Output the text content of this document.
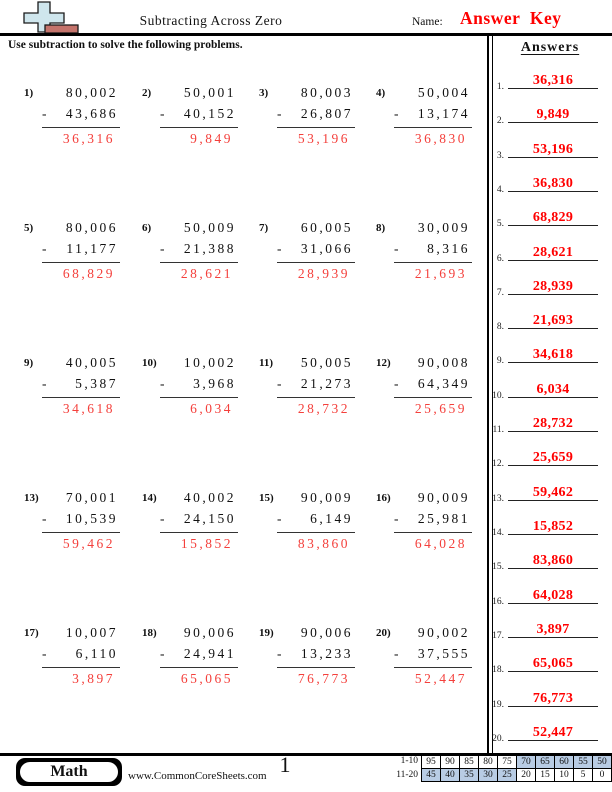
Subtracting Across Zero	Name: Answer Key
Use subtraction to solve the following problems.	Answers
1.	36,316
2.	9,849
3.	53,196
4.	36,830
5.	68,829
6.	28,621
7.	28,939
8.	21,693
9.	34,618
10.	6,034
11.	28,732
12.	25,659
13.	59,462
14.	15,852
15.	83,860
16.	64,028
17.	3,897
18.	65,065
19.	76,773
20.	52,447
1)	80,002
- 43,686
36,316
2)	50,001
- 40,152
9,849
3)	80,003
- 26,807
53,196
4)	50,004
- 13,174
36,830
5)	80,006
- 11,177
68,829
6)	50,009
- 21,388
28,621
7)	60,005
- 31,066
28,939
8)	30,009
- 8,316
21,693
9)	40,005
- 5,387
34,618
10)	10,002
- 3,968
6,034
11)	50,005
- 21,273
28,732
12)	90,008
- 64,349
25,659
13)	70,001
- 10,539
59,462
14)	40,002
- 24,150
15,852
15)	90,009
- 6,149
83,860
16)	90,009
- 25,981
64,028
17)	10,007
- 6,110
3,897
18)	90,006
- 24,941
65,065
19)	90,006
- 13,233
76,773
20)	90,002
- 37,555
52,447
Math	www.CommonCoreSheets.com 1	1-10
11-20
95	90	85	80	75	70	65	60	55	50
45	40	35	30	25	20	15	10	5	0
